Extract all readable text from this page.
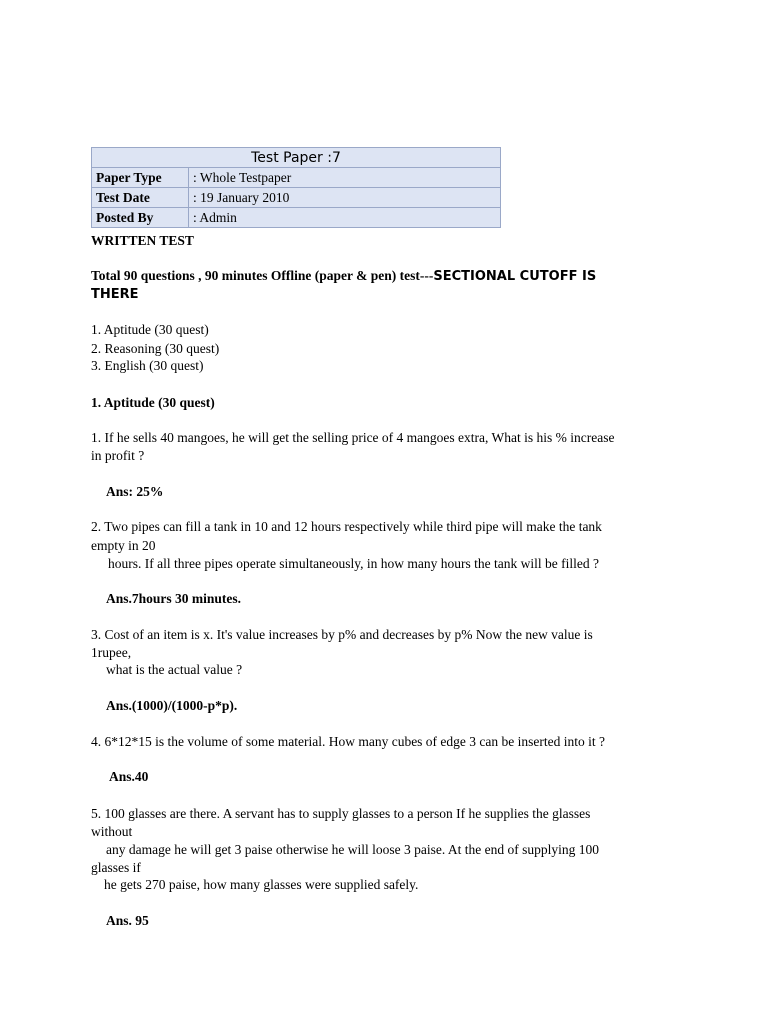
Test Paper :7	
Paper Type	: Whole Testpaper
Test Date	: 19 January 2010
Posted By	: Admin
WRITTEN TEST
Total 90 questions , 90 minutes Offline (paper & pen) test---SECTIONAL CUTOFF IS
THERE
1. Aptitude (30 quest)
2. Reasoning (30 quest)
3. English (30 quest)
1. Aptitude (30 quest)
1. If he sells 40 mangoes, he will get the selling price of 4 mangoes extra, What is his % increase
in profit ?
Ans: 25%
2. Two pipes can fill a tank in 10 and 12 hours respectively while third pipe will make the tank
empty in 20
hours. If all three pipes operate simultaneously, in how many hours the tank will be filled ?
Ans.7hours 30 minutes.
3. Cost of an item is x. It's value increases by p% and decreases by p% Now the new value is
1rupee,
what is the actual value ?
Ans.(1000)/(1000-p*p).
4. 6*12*15 is the volume of some material. How many cubes of edge 3 can be inserted into it ?
Ans.40
5. 100 glasses are there. A servant has to supply glasses to a person If he supplies the glasses
without
any damage he will get 3 paise otherwise he will loose 3 paise. At the end of supplying 100
glasses if
he gets 270 paise, how many glasses were supplied safely.
Ans. 95
